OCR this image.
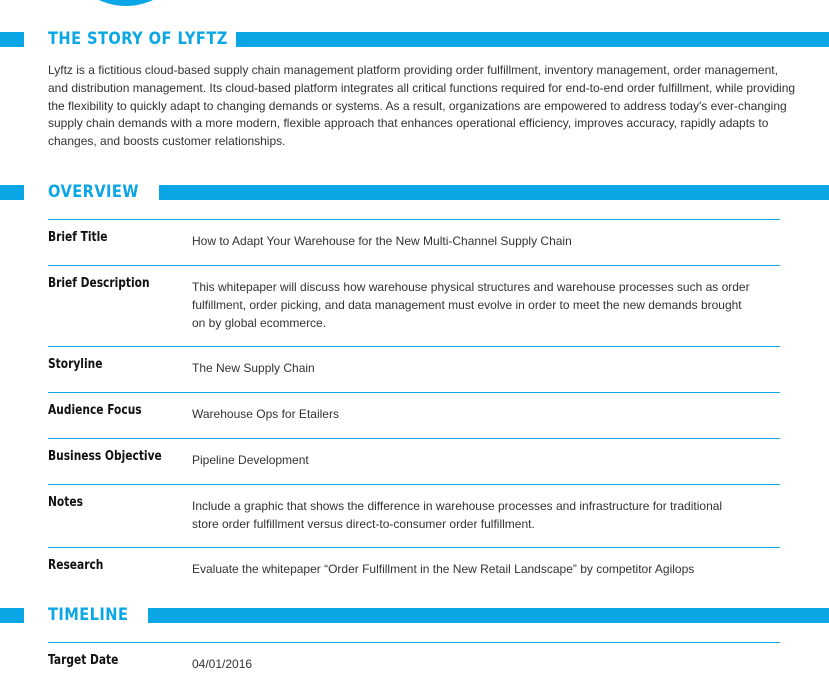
THE STORY OF LYFTZ

Lyftz is a fictitious cloud-based supply chain management platform providing order fulfillment, inventory management, order management, and distribution management. Its cloud-based platform integrates all critical functions required for end-to-end order fulfillment, while providing the flexibility to quickly adapt to changing demands or systems. As a result, organizations are empowered to address today's ever-changing supply chain demands with a more modern, flexible approach that enhances operational efficiency, improves accuracy, rapidly adapts to changes, and boosts customer relationships.

OVERVIEW
Brief Title	How to Adapt Your Warehouse for the New Multi-Channel Supply Chain
Brief Description	This whitepaper will discuss how warehouse physical structures and warehouse processes such as order fulfillment, order picking, and data management must evolve in order to meet the new demands brought on by global ecommerce.
Storyline	The New Supply Chain
Audience Focus	Warehouse Ops for Etailers
Business Objective	Pipeline Development
Notes	Include a graphic that shows the difference in warehouse processes and infrastructure for traditional store order fulfillment versus direct-to-consumer order fulfillment.
Research	Evaluate the whitepaper “Order Fulfillment in the New Retail Landscape” by competitor Agilops
TIMELINE
Target Date	04/01/2016
